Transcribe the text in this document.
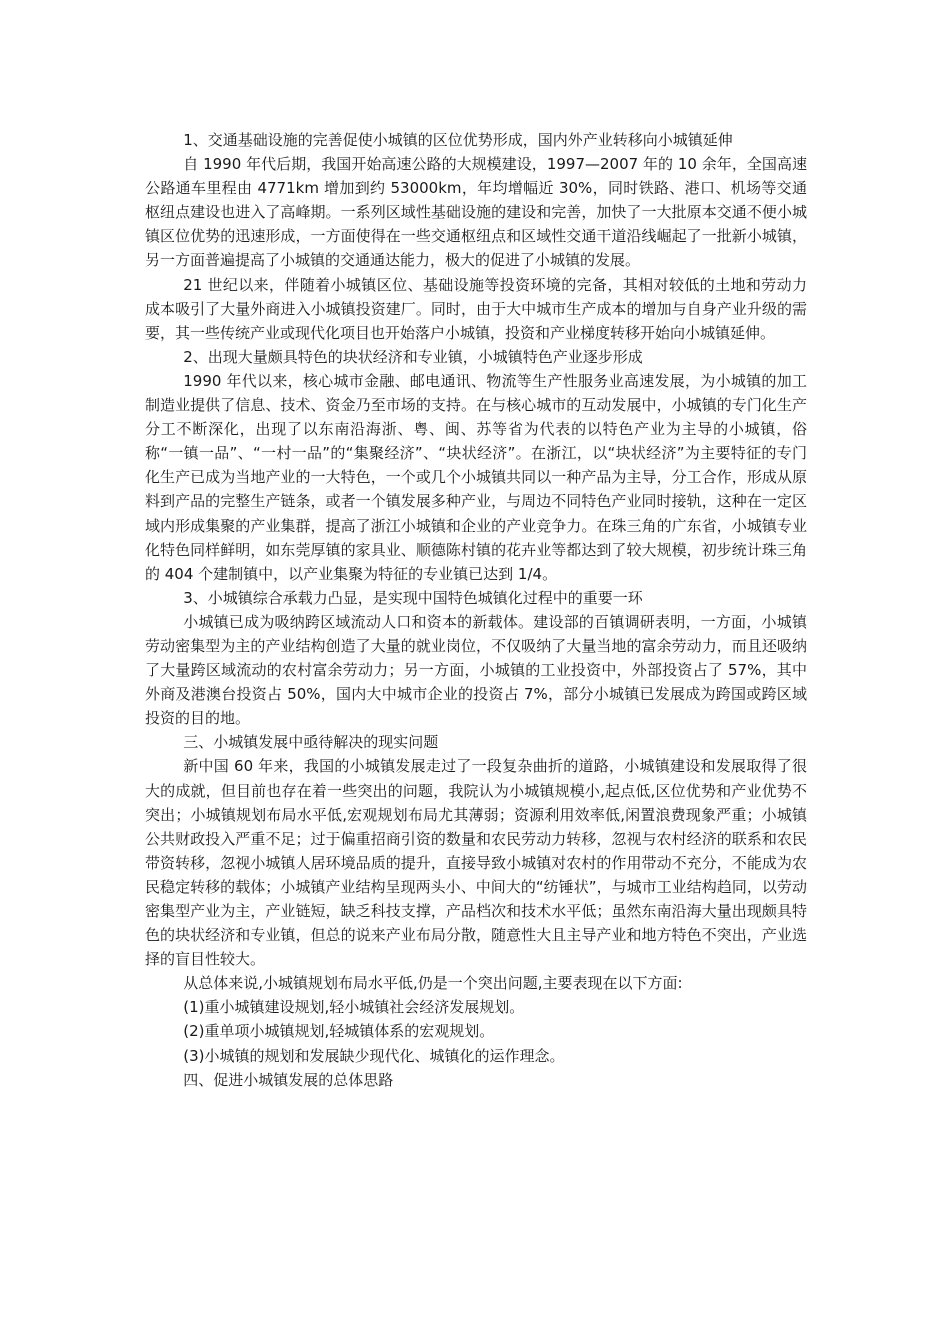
1、交通基础设施的完善促使小城镇的区位优势形成，国内外产业转移向小城镇延伸

自 1990 年代后期，我国开始高速公路的大规模建设，1997—2007 年的 10 余年，全国高速公路通车里程由 4771km 增加到约 53000km，年均增幅近 30%，同时铁路、港口、机场等交通枢纽点建设也进入了高峰期。一系列区域性基础设施的建设和完善，加快了一大批原本交通不便小城镇区位优势的迅速形成，一方面使得在一些交通枢纽点和区域性交通干道沿线崛起了一批新小城镇，另一方面普遍提高了小城镇的交通通达能力，极大的促进了小城镇的发展。

21 世纪以来，伴随着小城镇区位、基础设施等投资环境的完备，其相对较低的土地和劳动力成本吸引了大量外商进入小城镇投资建厂。同时，由于大中城市生产成本的增加与自身产业升级的需要，其一些传统产业或现代化项目也开始落户小城镇，投资和产业梯度转移开始向小城镇延伸。

2、出现大量颇具特色的块状经济和专业镇，小城镇特色产业逐步形成

1990 年代以来，核心城市金融、邮电通讯、物流等生产性服务业高速发展，为小城镇的加工制造业提供了信息、技术、资金乃至市场的支持。在与核心城市的互动发展中，小城镇的专门化生产分工不断深化，出现了以东南沿海浙、粤、闽、苏等省为代表的以特色产业为主导的小城镇，俗称“一镇一品”、“一村一品”的“集聚经济”、“块状经济”。在浙江，以“块状经济”为主要特征的专门化生产已成为当地产业的一大特色，一个或几个小城镇共同以一种产品为主导，分工合作，形成从原料到产品的完整生产链条，或者一个镇发展多种产业，与周边不同特色产业同时接轨，这种在一定区域内形成集聚的产业集群，提高了浙江小城镇和企业的产业竞争力。在珠三角的广东省，小城镇专业化特色同样鲜明，如东莞厚镇的家具业、顺德陈村镇的花卉业等都达到了较大规模，初步统计珠三角的 404 个建制镇中，以产业集聚为特征的专业镇已达到 1/4。

3、小城镇综合承载力凸显，是实现中国特色城镇化过程中的重要一环

小城镇已成为吸纳跨区域流动人口和资本的新载体。建设部的百镇调研表明，一方面，小城镇劳动密集型为主的产业结构创造了大量的就业岗位，不仅吸纳了大量当地的富余劳动力，而且还吸纳了大量跨区域流动的农村富余劳动力；另一方面，小城镇的工业投资中，外部投资占了 57%，其中外商及港澳台投资占 50%，国内大中城市企业的投资占 7%，部分小城镇已发展成为跨国或跨区域投资的目的地。

三、小城镇发展中亟待解决的现实问题

新中国 60 年来，我国的小城镇发展走过了一段复杂曲折的道路，小城镇建设和发展取得了很大的成就，但目前也存在着一些突出的问题，我院认为小城镇规模小,起点低,区位优势和产业优势不突出；小城镇规划布局水平低,宏观规划布局尤其薄弱；资源利用效率低,闲置浪费现象严重；小城镇公共财政投入严重不足；过于偏重招商引资的数量和农民劳动力转移，忽视与农村经济的联系和农民带资转移，忽视小城镇人居环境品质的提升，直接导致小城镇对农村的作用带动不充分，不能成为农民稳定转移的载体；小城镇产业结构呈现两头小、中间大的“纺锤状”，与城市工业结构趋同，以劳动密集型产业为主，产业链短，缺乏科技支撑，产品档次和技术水平低；虽然东南沿海大量出现颇具特色的块状经济和专业镇，但总的说来产业布局分散，随意性大且主导产业和地方特色不突出，产业选择的盲目性较大。

从总体来说,小城镇规划布局水平低,仍是一个突出问题,主要表现在以下方面:

(1)重小城镇建设规划,轻小城镇社会经济发展规划。

(2)重单项小城镇规划,轻城镇体系的宏观规划。

(3)小城镇的规划和发展缺少现代化、城镇化的运作理念。

四、促进小城镇发展的总体思路
